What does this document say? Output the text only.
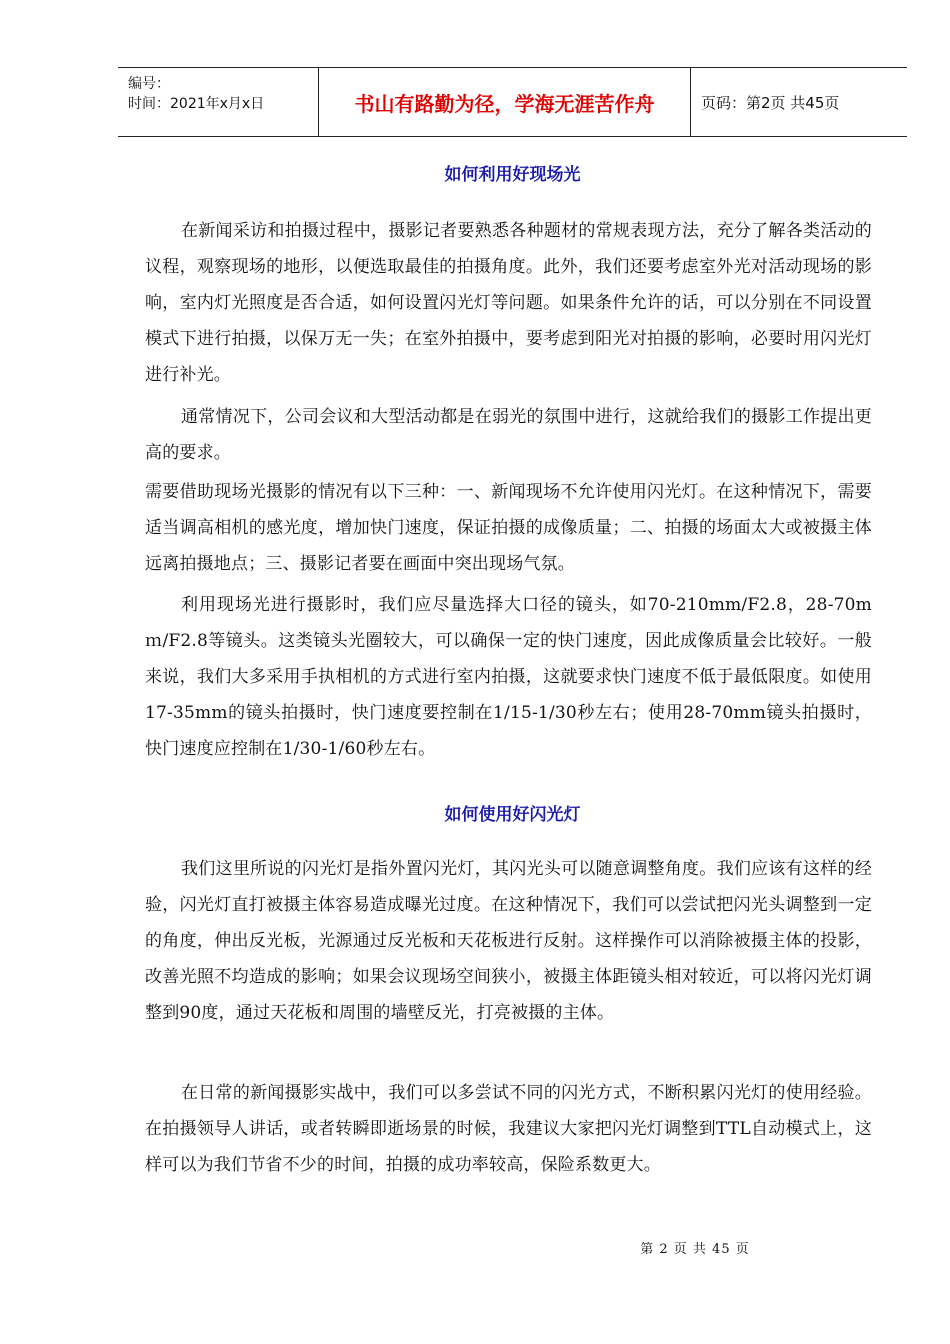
编号：
时间：2021年x月x日	书山有路勤为径，学海无涯苦作舟	页码：第2页 共45页
如何利用好现场光

在新闻采访和拍摄过程中，摄影记者要熟悉各种题材的常规表现方法，充分了解各类活动的议程，观察现场的地形，以便选取最佳的拍摄角度。此外，我们还要考虑室外光对活动现场的影响，室内灯光照度是否合适，如何设置闪光灯等问题。如果条件允许的话，可以分别在不同设置模式下进行拍摄，以保万无一失；在室外拍摄中，要考虑到阳光对拍摄的影响，必要时用闪光灯进行补光。

通常情况下，公司会议和大型活动都是在弱光的氛围中进行，这就给我们的摄影工作提出更高的要求。

需要借助现场光摄影的情况有以下三种：一、新闻现场不允许使用闪光灯。在这种情况下，需要适当调高相机的感光度，增加快门速度，保证拍摄的成像质量；二、拍摄的场面太大或被摄主体远离拍摄地点；三、摄影记者要在画面中突出现场气氛。

利用现场光进行摄影时，我们应尽量选择大口径的镜头，如70-210mm/F2.8，28-70mｍ/F2.8等镜头。这类镜头光圈较大，可以确保一定的快门速度，因此成像质量会比较好。一般来说，我们大多采用手执相机的方式进行室内拍摄，这就要求快门速度不低于最低限度。如使用17-35mm的镜头拍摄时，快门速度要控制在1/15-1/30秒左右；使用28-70mm镜头拍摄时，快门速度应控制在1/30-1/60秒左右。

如何使用好闪光灯

我们这里所说的闪光灯是指外置闪光灯，其闪光头可以随意调整角度。我们应该有这样的经验，闪光灯直打被摄主体容易造成曝光过度。在这种情况下，我们可以尝试把闪光头调整到一定的角度，伸出反光板，光源通过反光板和天花板进行反射。这样操作可以消除被摄主体的投影，改善光照不均造成的影响；如果会议现场空间狭小，被摄主体距镜头相对较近，可以将闪光灯调整到90度，通过天花板和周围的墙壁反光，打亮被摄的主体。

在日常的新闻摄影实战中，我们可以多尝试不同的闪光方式，不断积累闪光灯的使用经验。在拍摄领导人讲话，或者转瞬即逝场景的时候，我建议大家把闪光灯调整到TTL自动模式上，这样可以为我们节省不少的时间，拍摄的成功率较高，保险系数更大。

第 2 页 共 45 页
